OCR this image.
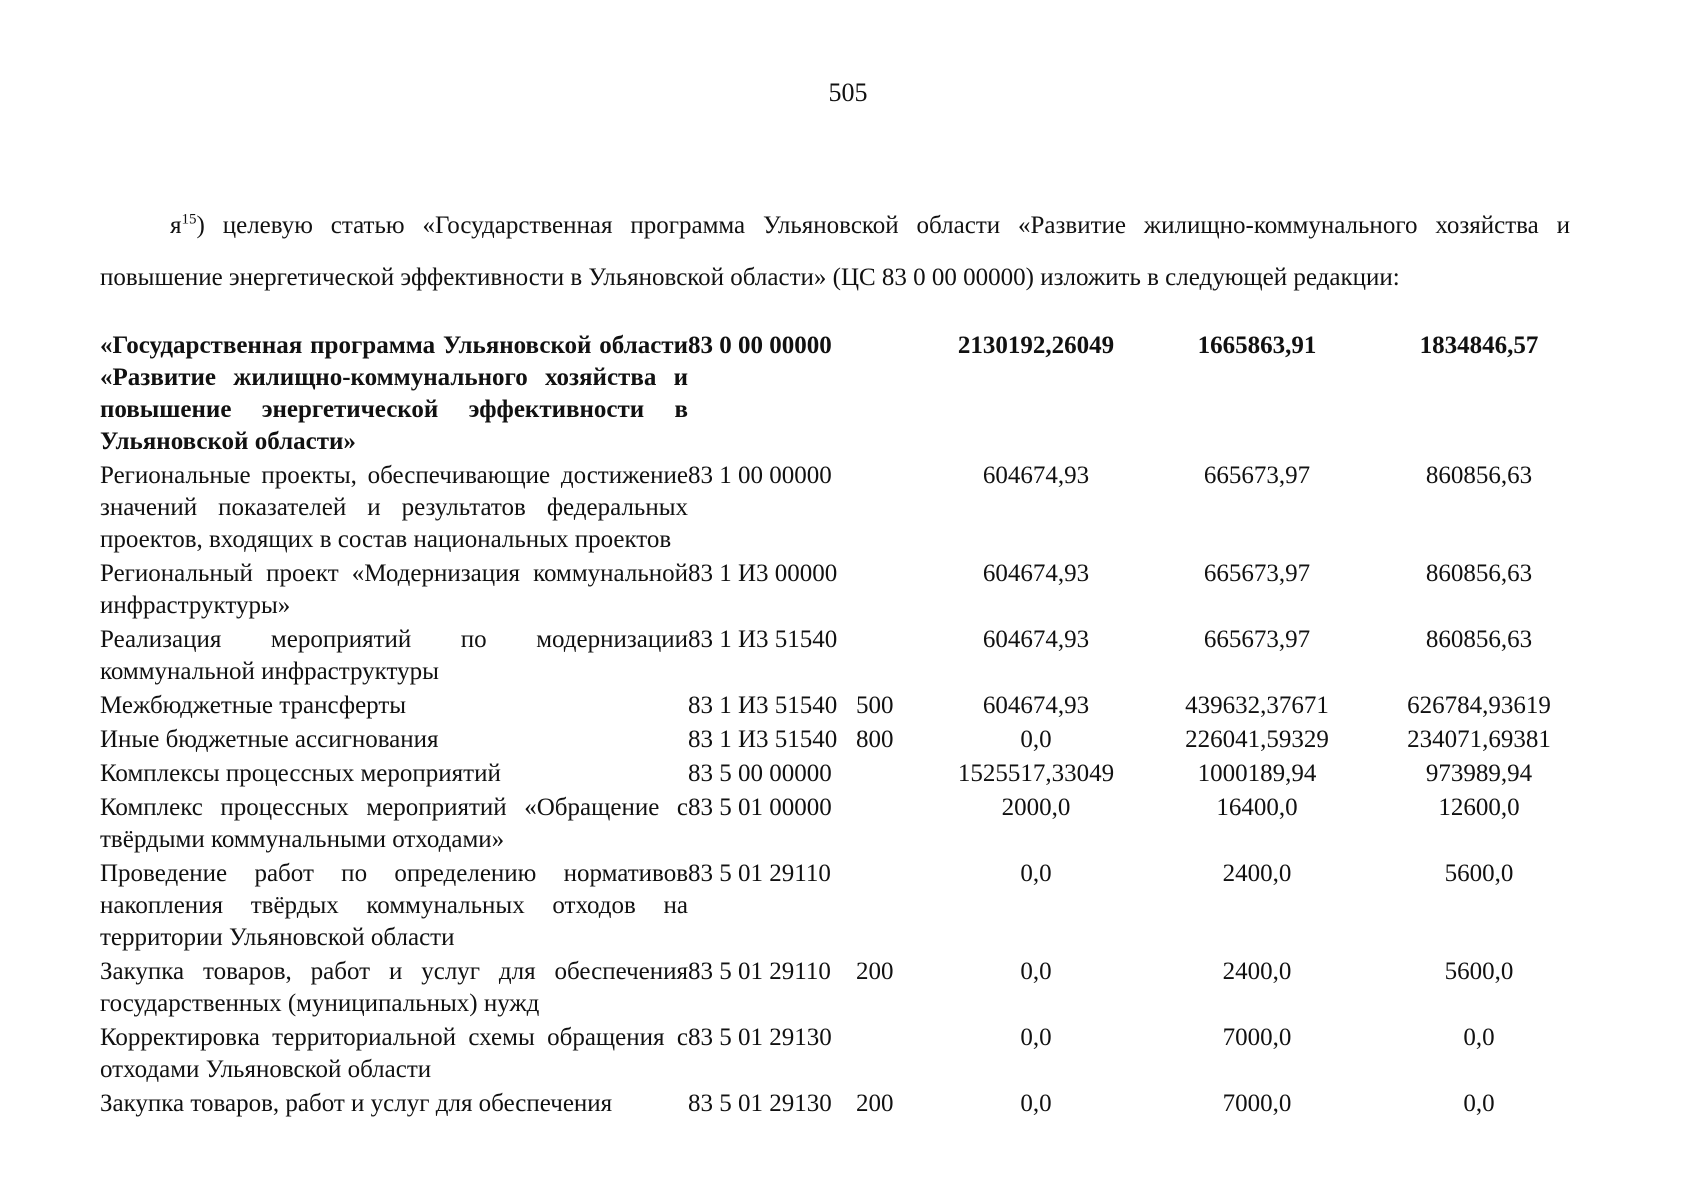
505

$я^{15}$) целевую статью «Государственная программа Ульяновской области «Развитие жилищно-коммунального хозяйства и повышение энергетической эффективности в Ульяновской области» (ЦС 83 0 00 00000) изложить в следующей редакции:

«Государственная программа Ульяновской области «Развитие жилищно-коммунального хозяйства и повышение энергетической эффективности в Ульяновской области»	83 0 00 00000		2130192,26049	1665863,91	1834846,57
Региональные проекты, обеспечивающие достижение значений показателей и результатов федеральных проектов, входящих в состав национальных проектов	83 1 00 00000		604674,93	665673,97	860856,63
Региональный проект «Модернизация коммунальной инфраструктуры»	83 1 И3 00000		604674,93	665673,97	860856,63
Реализация мероприятий по модернизации коммунальной инфраструктуры	83 1 И3 51540		604674,93	665673,97	860856,63
Межбюджетные трансферты	83 1 И3 51540	500	604674,93	439632,37671	626784,93619
Иные бюджетные ассигнования	83 1 И3 51540	800	0,0	226041,59329	234071,69381
Комплексы процессных мероприятий	83 5 00 00000		1525517,33049	1000189,94	973989,94
Комплекс процессных мероприятий «Обращение с твёрдыми коммунальными отходами»	83 5 01 00000		2000,0	16400,0	12600,0
Проведение работ по определению нормативов накопления твёрдых коммунальных отходов на территории Ульяновской области	83 5 01 29110		0,0	2400,0	5600,0
Закупка товаров, работ и услуг для обеспечения государственных (муниципальных) нужд	83 5 01 29110	200	0,0	2400,0	5600,0
Корректировка территориальной схемы обращения с отходами Ульяновской области	83 5 01 29130		0,0	7000,0	0,0
Закупка товаров, работ и услуг для обеспечения	83 5 01 29130	200	0,0	7000,0	0,0
